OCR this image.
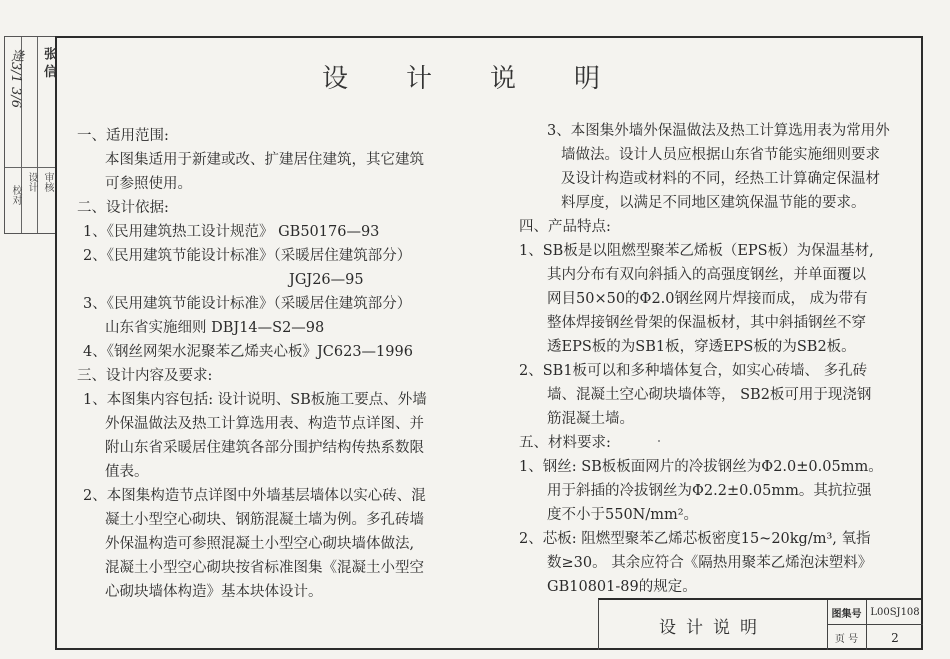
逄3/1 3/6 张 信
校对
设计
审核
设 计 说 明
一、适用范围:
本图集适用于新建或改、扩建居住建筑，其它建筑
可参照使用。
二、设计依据:
1、《民用建筑热工设计规范》 GB50176—93
2、《民用建筑节能设计标准》（采暖居住建筑部分）
JGJ26—95
3、《民用建筑节能设计标准》（采暖居住建筑部分）
山东省实施细则 DBJ14—S2—98
4、《钢丝网架水泥聚苯乙烯夹心板》JC623—1996
三、设计内容及要求:
1、本图集内容包括: 设计说明、SB板施工要点、外墙
外保温做法及热工计算选用表、构造节点详图、并
附山东省采暖居住建筑各部分围护结构传热系数限
值表。
2、本图集构造节点详图中外墙基层墙体以实心砖、混
凝土小型空心砌块、钢筋混凝土墙为例。多孔砖墙
外保温构造可参照混凝土小型空心砌块墙体做法,
混凝土小型空心砌块按省标准图集《混凝土小型空
心砌块墙体构造》基本块体设计。
3、本图集外墙外保温做法及热工计算选用表为常用外
墙做法。设计人员应根据山东省节能实施细则要求
及设计构造或材料的不同，经热工计算确定保温材
料厚度，以满足不同地区建筑保温节能的要求。
四、产品特点:
1、SB板是以阻燃型聚苯乙烯板（EPS板）为保温基材,
其内分布有双向斜插入的高强度钢丝，并单面覆以
网目50×50的Φ2.0钢丝网片焊接而成， 成为带有
整体焊接钢丝骨架的保温板材，其中斜插钢丝不穿
透EPS板的为SB1板，穿透EPS板的为SB2板。
2、SB1板可以和多种墙体复合，如实心砖墙、 多孔砖
墙、混凝土空心砌块墙体等， SB2板可用于现浇钢
筋混凝土墙。
五、材料要求:
1、钢丝: SB板板面网片的冷拔钢丝为Φ2.0±0.05mm。
用于斜插的冷拔钢丝为Φ2.2±0.05mm。其抗拉强
度不小于550N/mm²。
2、芯板: 阻燃型聚苯乙烯芯板密度15~20kg/m³, 氧指
数≥30。 其余应符合《隔热用聚苯乙烯泡沫塑料》
GB10801-89的规定。
设计说明
图集号 L00SJ108
页 号	2
